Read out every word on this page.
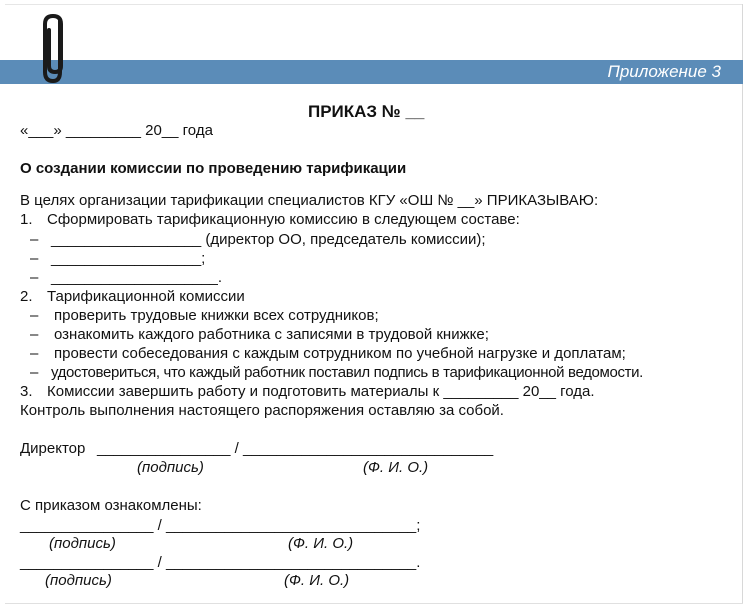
Приложение 3
ПРИКАЗ № __
«___» _________ 20__ года
О создании комиссии по проведению тарификации
В целях организации тарификации специалистов КГУ «ОШ № __» ПРИКАЗЫВАЮ:
1. Сформировать тарификационную комиссию в следующем составе:
– __________________ (директор ОО, председатель комиссии);
– __________________;
– ____________________.
2. Тарификационной комиссии
– проверить трудовые книжки всех сотрудников;
– ознакомить каждого работника с записями в трудовой книжке;
– провести собеседования с каждым сотрудником по учебной нагрузке и доплатам;
– удостовериться, что каждый работник поставил подпись в тарификационной ведомости.
3. Комиссии завершить работу и подготовить материалы к _________ 20__ года.
Контроль выполнения настоящего распоряжения оставляю за собой.
Директор ________________ / ______________________________
(подпись)	(Ф. И. О.)
С приказом ознакомлены:
________________ / ______________________________;
(подпись)	(Ф. И. О.)
________________ / ______________________________.
(подпись)	(Ф. И. О.)
